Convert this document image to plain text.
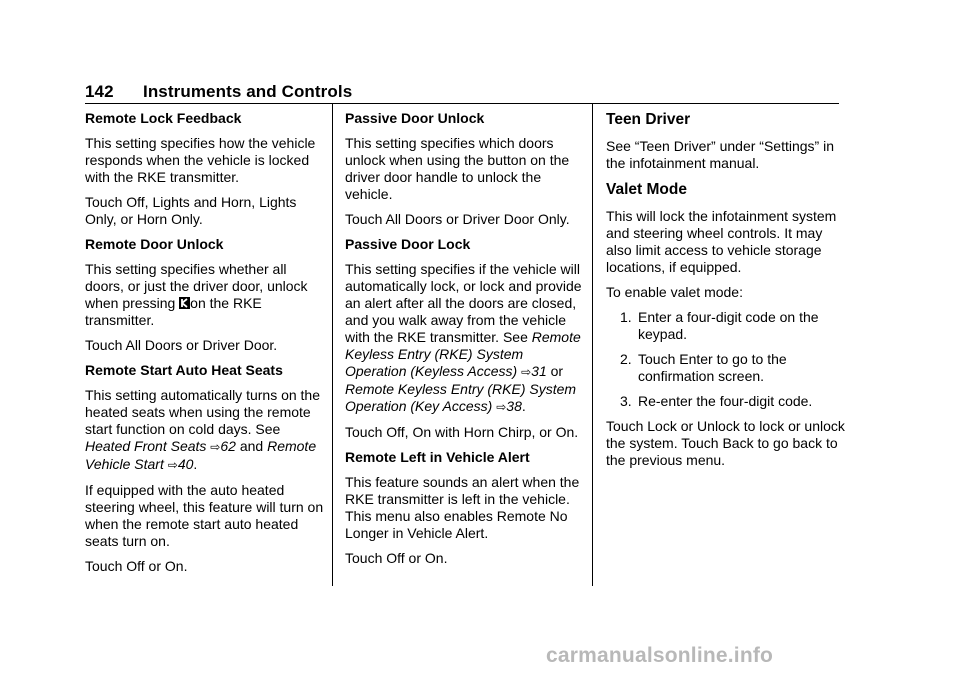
142 Instruments and Controls
Remote Lock Feedback

This setting specifies how the vehicle responds when the vehicle is locked with the RKE transmitter.

Touch Off, Lights and Horn, Lights Only, or Horn Only.

Remote Door Unlock

This setting specifies whether all doors, or just the driver door, unlock when pressing on the RKE transmitter.

Touch All Doors or Driver Door.

Remote Start Auto Heat Seats

This setting automatically turns on the heated seats when using the remote start function on cold days. See Heated Front Seats ⇨62 and Remote Vehicle Start ⇨40.

If equipped with the auto heated steering wheel, this feature will turn on when the remote start auto heated seats turn on.

Touch Off or On.

Passive Door Unlock

This setting specifies which doors unlock when using the button on the driver door handle to unlock the vehicle.

Touch All Doors or Driver Door Only.

Passive Door Lock

This setting specifies if the vehicle will automatically lock, or lock and provide an alert after all the doors are closed, and you walk away from the vehicle with the RKE transmitter. See Remote Keyless Entry (RKE) System Operation (Keyless Access) ⇨31 or Remote Keyless Entry (RKE) System Operation (Key Access) ⇨38.

Touch Off, On with Horn Chirp, or On.

Remote Left in Vehicle Alert

This feature sounds an alert when the RKE transmitter is left in the vehicle. This menu also enables Remote No Longer in Vehicle Alert.

Touch Off or On.

Teen Driver

See “Teen Driver” under “Settings” in the infotainment manual.

Valet Mode

This will lock the infotainment system and steering wheel controls. It may also limit access to vehicle storage locations, if equipped.

To enable valet mode:

1. Enter a four-digit code on the keypad.
2. Touch Enter to go to the confirmation screen.
3. Re-enter the four-digit code.

Touch Lock or Unlock to lock or unlock the system. Touch Back to go back to the previous menu.

carmanualsonline.info
